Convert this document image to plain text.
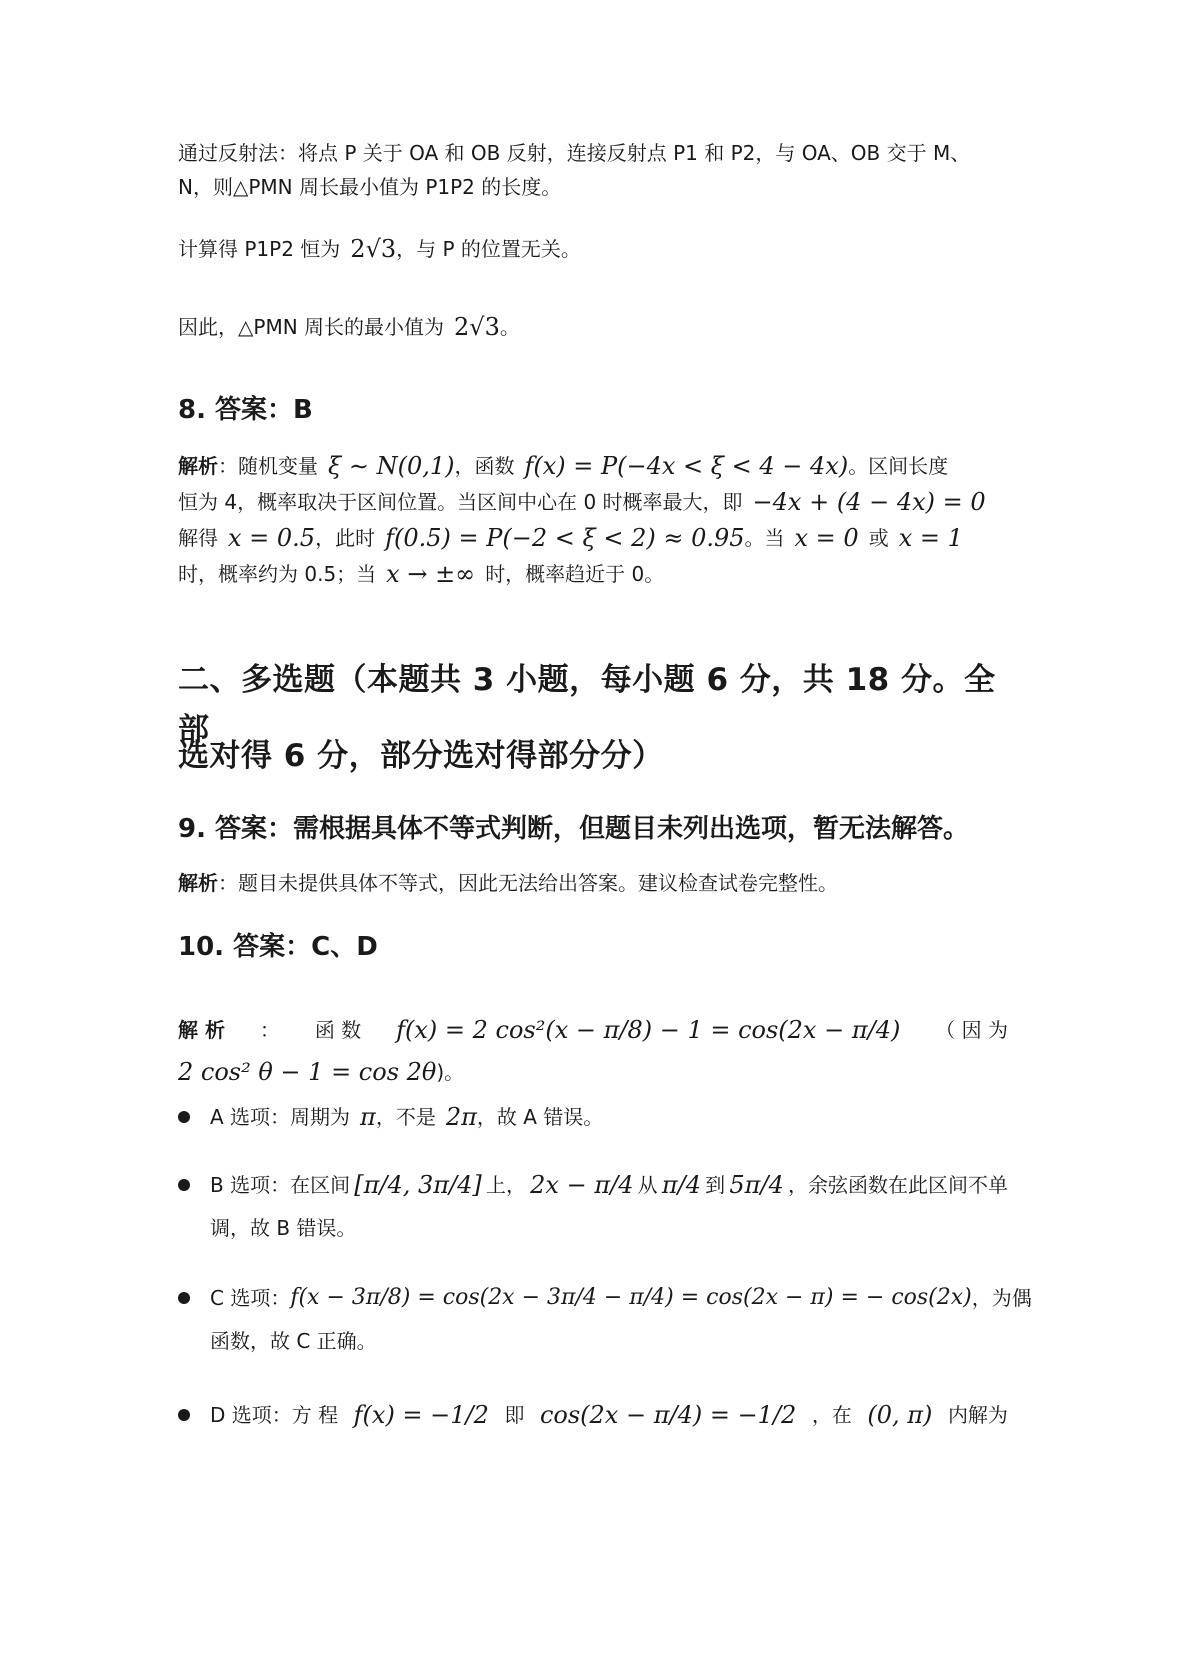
通过反射法：将点 P 关于 OA 和 OB 反射，连接反射点 P1 和 P2，与 OA、OB 交于 M、
N，则△PMN 周长最小值为 P1P2 的长度。
计算得 P1P2 恒为 2√3 ，与 P 的位置无关。
因此，△PMN 周长的最小值为 2√3 。
8. 答案：B
解析 ：随机变量 ξ ∼ N(0,1) ，函数 f(x) = P(−4x < ξ < 4 − 4x) 。区间长度
恒为 4，概率取决于区间位置。当区间中心在 0 时概率最大，即 −4x + (4 − 4x) = 0
解得 x = 0.5 ，此时 f(0.5) = P(−2 < ξ < 2) ≈ 0.95 。当 x = 0 或 x = 1
时，概率约为 0.5；当 x → ±∞ 时，概率趋近于 0。
二、多选题（本题共 3 小题，每小题 6 分，共 18 分。全部
选对得 6 分，部分选对得部分分）
9. 答案：需根据具体不等式判断，但题目未列出选项，暂无法解答。
解析 ：题目未提供具体不等式，因此无法给出答案。建议检查试卷完整性。
10. 答案：C、D
解 析 ： 函 数 f(x) = 2 cos²(x − π/8) − 1 = cos(2x − π/4) （ 因 为
2 cos² θ − 1 = cos 2θ )。
A 选项：周期为 π ，不是 2π ，故 A 错误。
B 选项：在区间 [π/4, 3π/4] 上， 2x − π/4 从 π/4 到 5π/4 ，余弦函数在此区间不单
调，故 B 错误。
C 选项： f(x − 3π/8) = cos(2x − 3π/4 − π/4) = cos(2x − π) = − cos(2x) ，为偶
函数，故 C 正确。
D 选项：方 程 f(x) = −1/2 即 cos(2x − π/4) = −1/2 ，在 (0, π) 内解为
